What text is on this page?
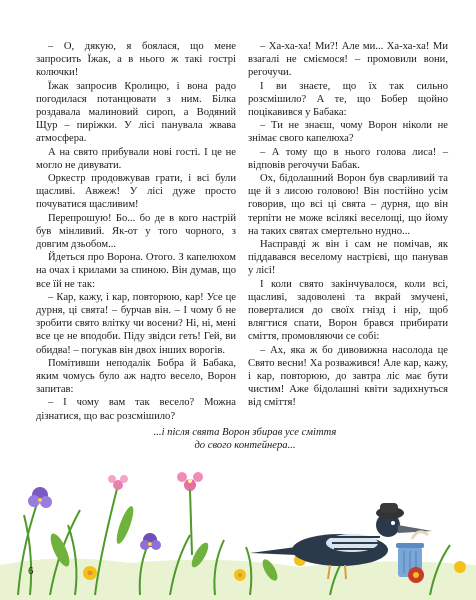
– О, дякую, я боялася, що мене запросить Їжак, а в нього ж такі гострі колючки!

Їжак запросив Кролицю, і вона радо погодилася потанцювати з ним. Білка роздавала малиновий сироп, а Водяний Щур – пиріжки. У лісі панувала жвава атмосфера.

А на свято прибували нові гості. І це не могло не дивувати.

Оркестр продовжував грати, і всі були щасливі. Авжеж! У лісі дуже просто почуватися щасливим!

Перепрошую! Бо... бо де в кого настрій був мінливий. Як-от у того чорного, з довгим дзьобом...

Йдеться про Ворона. Отого. З капелюхом на очах і крилами за спиною. Він думав, що все їй не так:

– Кар, кажу, і кар, повторюю, кар! Усе це дурня, ці свята! – бурчав він. – І чому б не зробити свято влітку чи восени? Ні, ні, мені все це не вподоби. Піду звідси геть! Гей, ви обидва! – погукав він двох інших ворогів.

Помітивши неподалік Бобра й Бабака, яким чомусь було аж надто весело, Ворон запитав:

– І чому вам так весело? Можна дізнатися, що вас розсмішило?

– Ха-ха-ха! Ми?! Але ми... Ха-ха-ха! Ми взагалі не сміємося! – промовили вони, регочучи.

І ви знаєте, що їх так сильно розсмішило? А те, що Бобер щойно поцікавився у Бабака:

– Ти не знаєш, чому Ворон ніколи не знімає свого капелюха?

– А тому що в нього голова лиса! – відповів регочучи Бабак.

Ох, бідолашний Ворон був сварливий та ще й з лисою головою! Він постійно усім говорив, що всі ці свята – дурня, що він терпіти не може всілякі веселощі, що йому на таких святах смертельно нудно...

Насправді ж він і сам не помічав, як піддавався веселому настрієві, що панував у лісі!

І коли свято закінчувалося, коли всі, щасливі, задоволені та вкрай змучені, поверталися до своїх гнізд і нір, щоб влягтися спати, Ворон брався прибирати сміття, промовляючи се собі:

– Ах, яка ж бо дивовижна насолода це Свято весни! Ха розважився! Але кар, кажу, і кар, повторюю, до завтра ліс має бути чистим! Аже бідолашні квіти задихнуться від сміття!

...і після свята Ворон збирав усе сміття до свого контейнера...
6
